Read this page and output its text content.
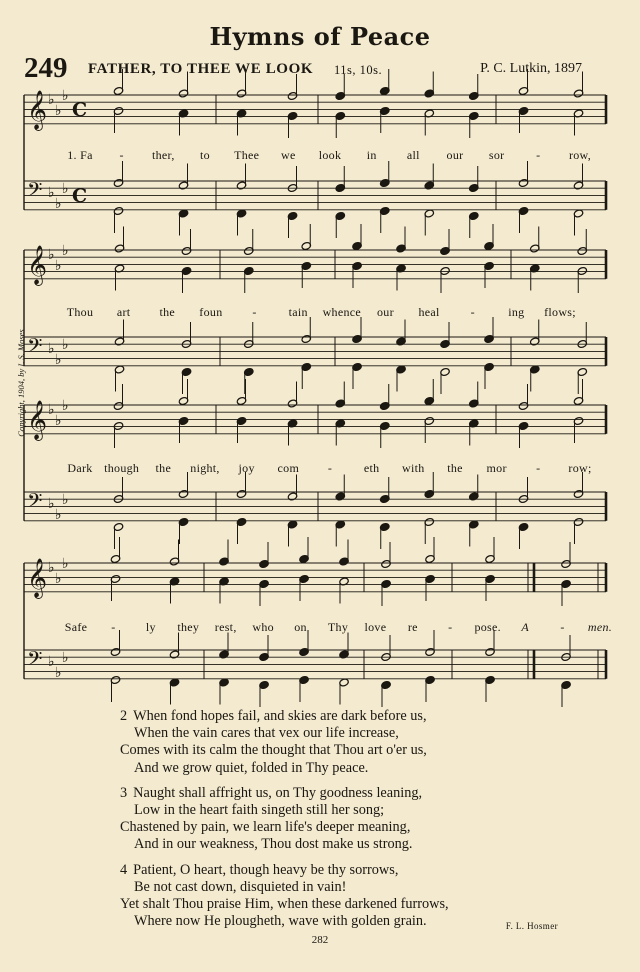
Hymns of Peace
249 FATHER, TO THEE WE LOOK 11s, 10s.	P. C. Lutkin, 1897
Copyright, 1904, by I. S. Moses
𝄞 ♭
♭
♭
C
𝄢 ♭
♭
♭ C
𝄞 ♭
♭
♭
𝄢 ♭
♭
♭
𝄞 ♭
♭
♭
𝄢 ♭
♭
♭
𝄞 ♭
♭
♭
𝄢 ♭
♭
♭
1. Fa - ther, to Thee we look in	all our sor	- row,
Thou art the foun -	tain whence our heal	-	ing flows;
Dark though the night, joy com -	eth with the mor - row;
Safe -	ly they rest, who on Thy love re	- pose. A	- men.
2 When fond hopes fail, and skies are dark before us,
When the vain cares that vex our life increase,
Comes with its calm the thought that Thou art o'er us,
And we grow quiet, folded in Thy peace.
3 Naught shall affright us, on Thy goodness leaning,
Low in the heart faith singeth still her song;
Chastened by pain, we learn life's deeper meaning,
And in our weakness, Thou dost make us strong.
4 Patient, O heart, though heavy be thy sorrows,
Be not cast down, disquieted in vain!
Yet shalt Thou praise Him, when these darkened furrows,
Where now He plougheth, wave with golden grain.	F. L. Hosmer
282
